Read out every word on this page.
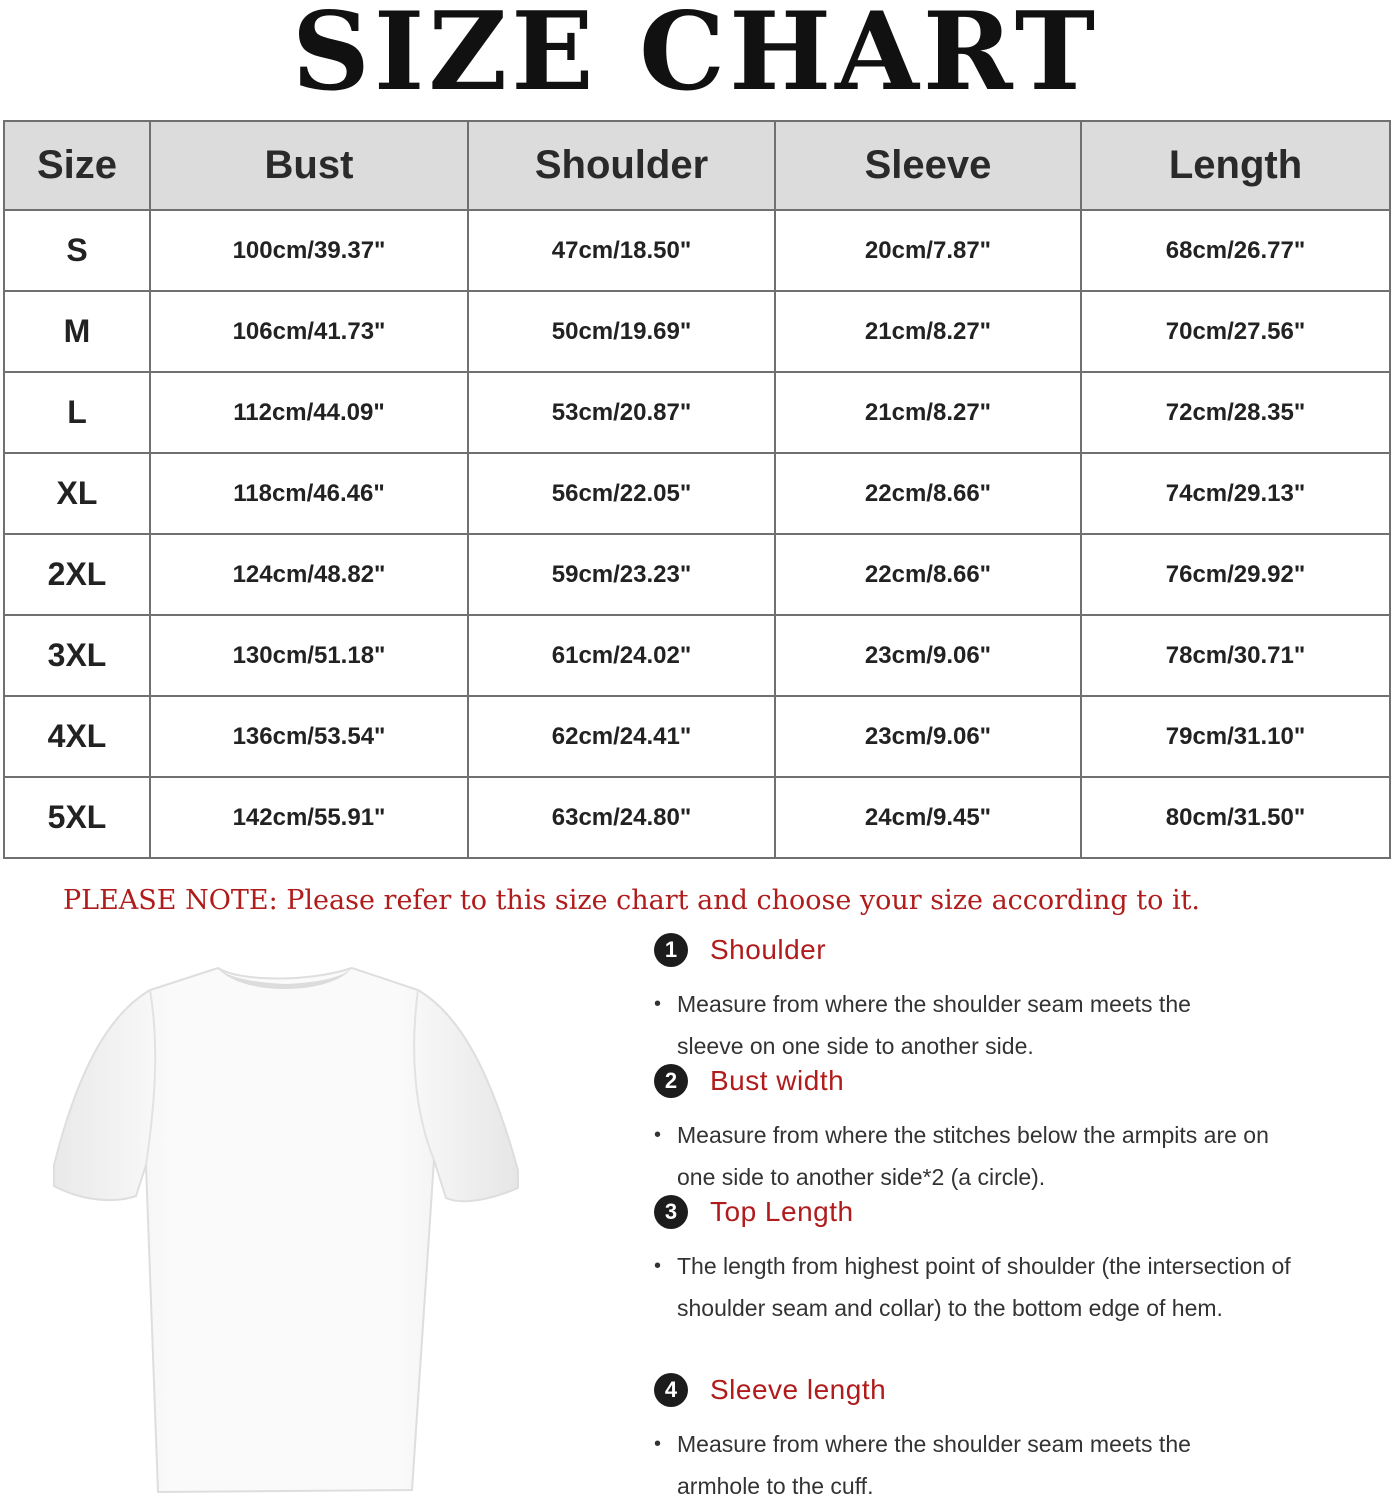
SIZE CHART
Size	Bust	Shoulder	Sleeve	Length
S	100cm/39.37"	47cm/18.50"	20cm/7.87"	68cm/26.77"
M	106cm/41.73"	50cm/19.69"	21cm/8.27"	70cm/27.56"
L	112cm/44.09"	53cm/20.87"	21cm/8.27"	72cm/28.35"
XL	118cm/46.46"	56cm/22.05"	22cm/8.66"	74cm/29.13"
2XL	124cm/48.82"	59cm/23.23"	22cm/8.66"	76cm/29.92"
3XL	130cm/51.18"	61cm/24.02"	23cm/9.06"	78cm/30.71"
4XL	136cm/53.54"	62cm/24.41"	23cm/9.06"	79cm/31.10"
5XL	142cm/55.91"	63cm/24.80"	24cm/9.45"	80cm/31.50"
PLEASE NOTE: Please refer to this size chart and choose your size according to it.
1	Shoulder
• Measure from where the shoulder seam meets the sleeve on one side to another side.
2	Bust width
• Measure from where the stitches below the armpits are on one side to another side*2 (a circle).
3	Top Length
• The length from highest point of shoulder (the intersection of shoulder seam and collar) to the bottom edge of hem.
4	Sleeve length
• Measure from where the shoulder seam meets the armhole to the cuff.
